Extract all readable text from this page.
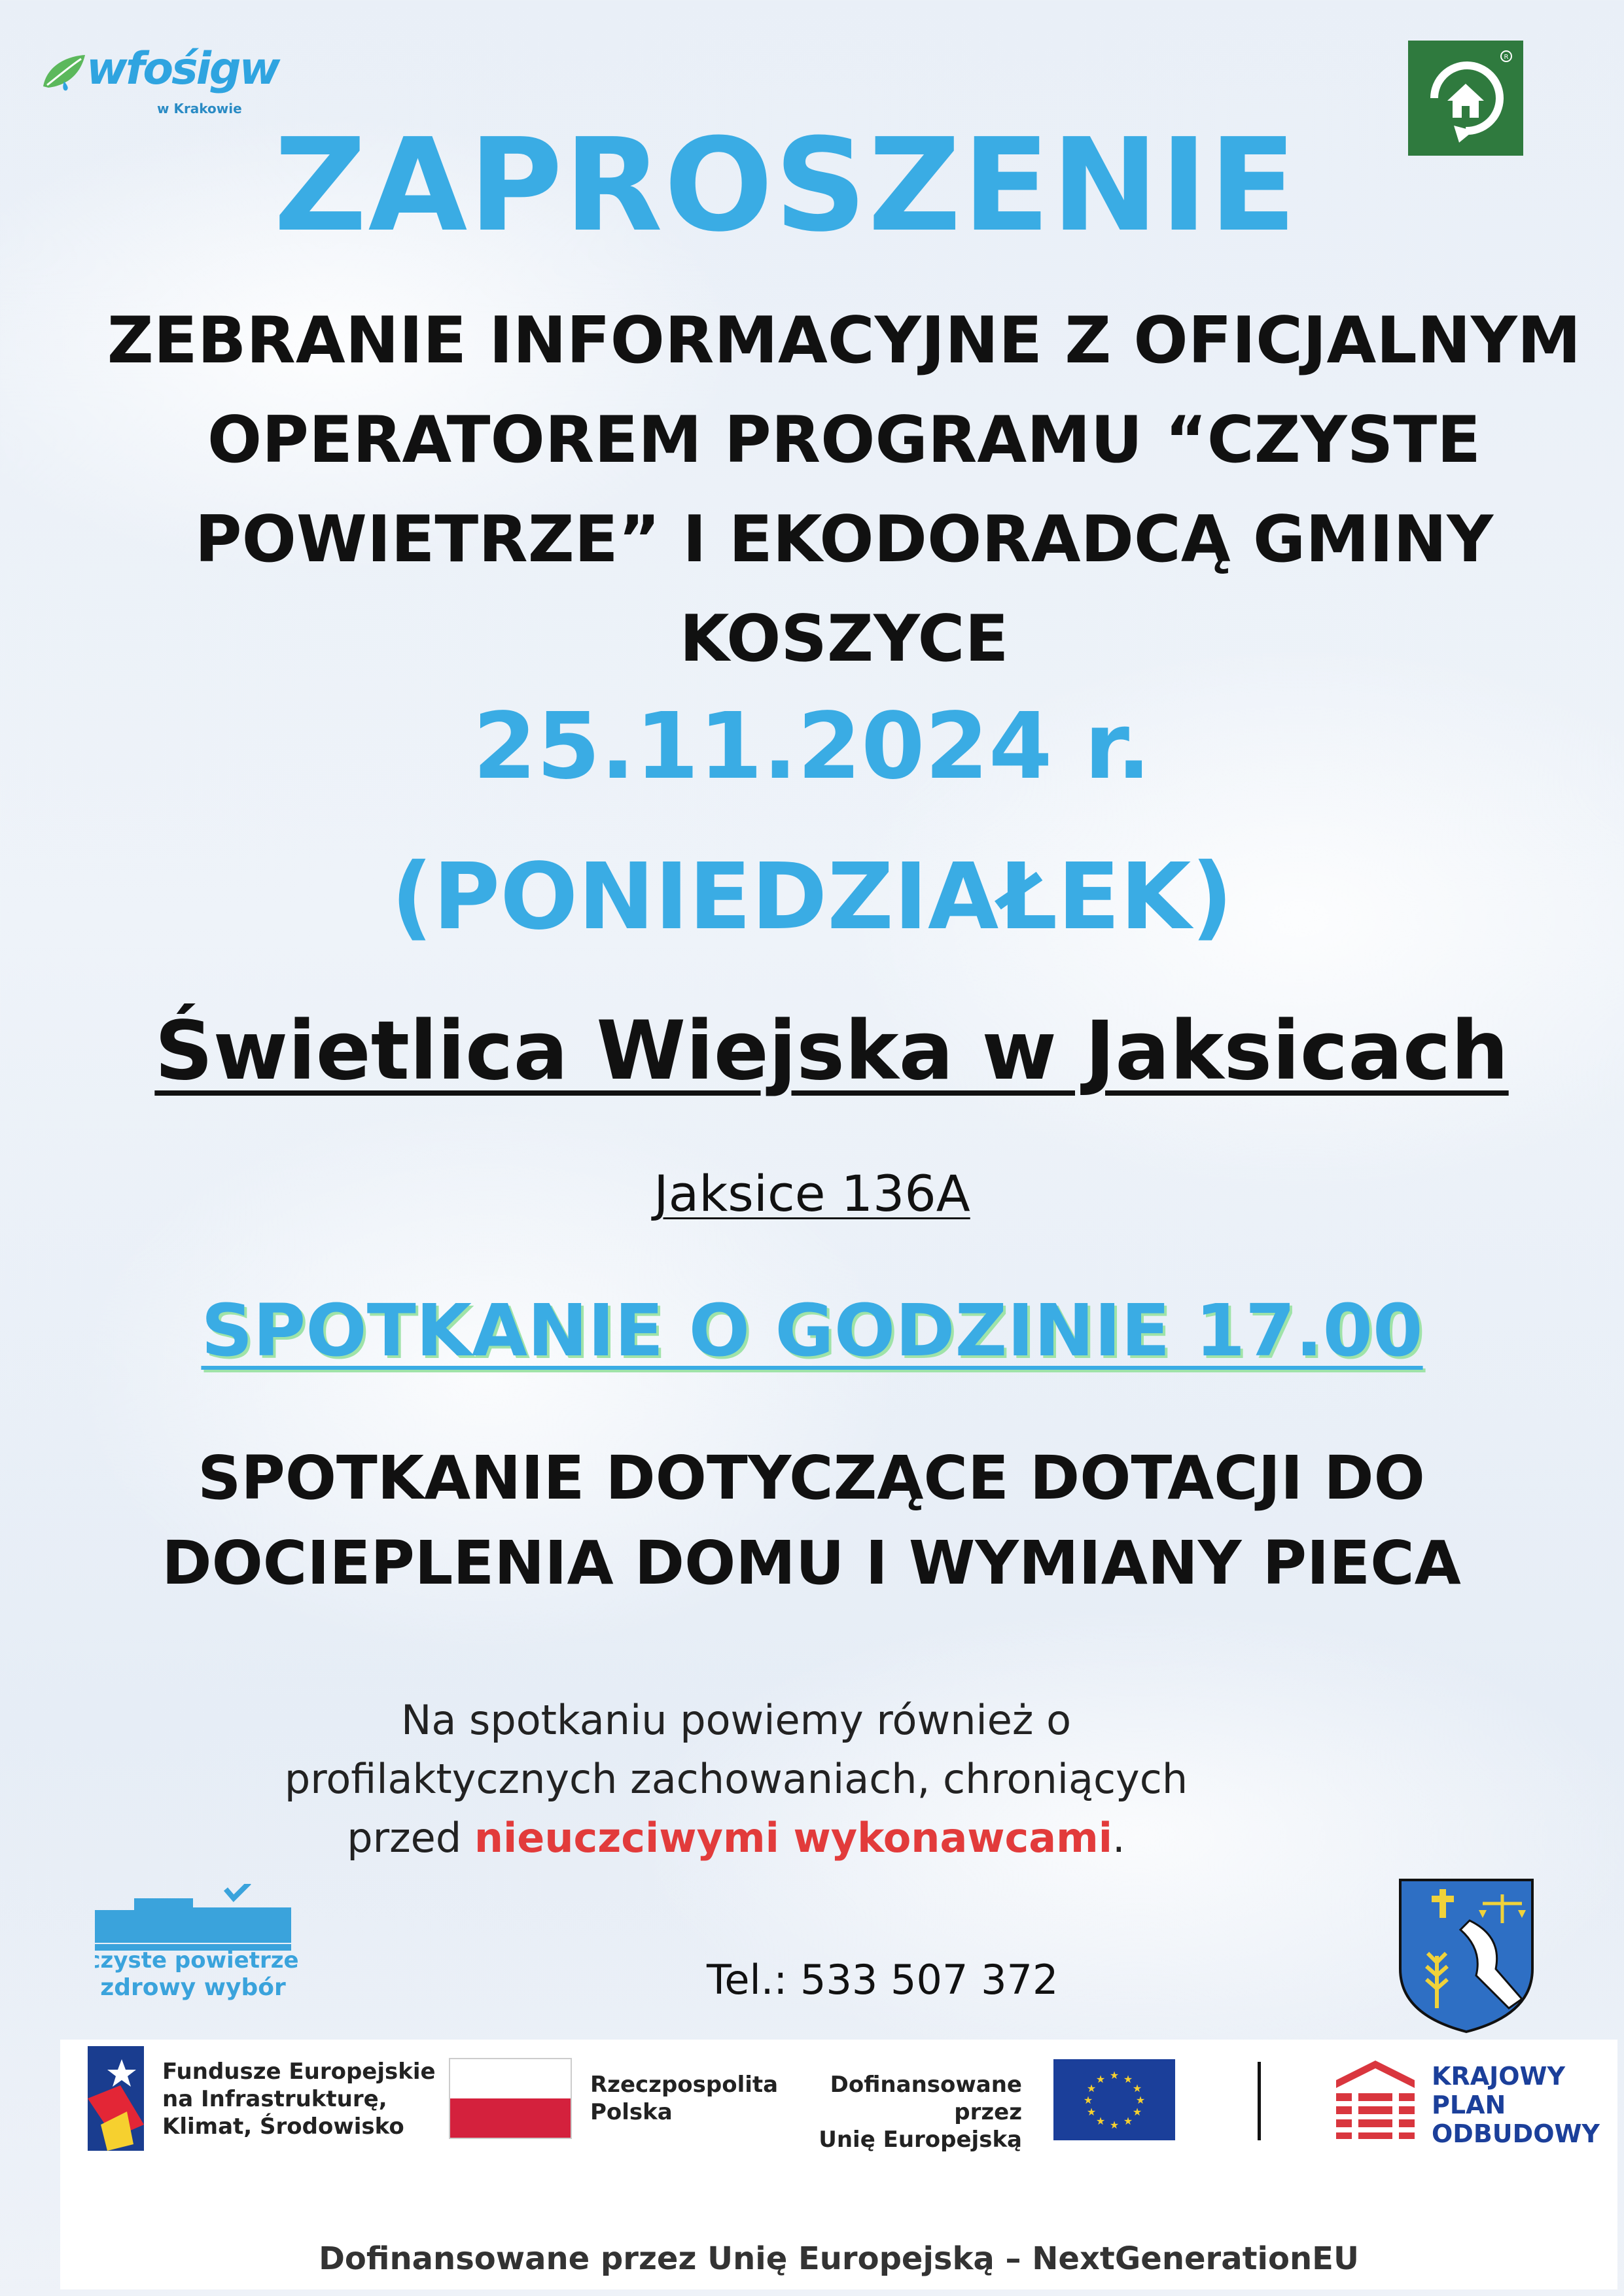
wfośigw
w Krakowie
R
ZAPROSZENIE
ZEBRANIE INFORMACYJNE Z OFICJALNYM OPERATOREM PROGRAMU “CZYSTE POWIETRZE” I EKODORADCĄ GMINY KOSZYCE
25.11.2024 r.
(PONIEDZIAŁEK)
Świetlica Wiejska w Jaksicach
Jaksice 136A
SPOTKANIE O GODZINIE 17.00
SPOTKANIE DOTYCZĄCE DOTACJI DO
DOCIEPLENIA DOMU I WYMIANY PIECA
Na spotkaniu powiemy również o
profilaktycznych zachowaniach, chroniących
przed nieuczciwymi wykonawcami.
czyste powietrze
zdrowy wybór	Tel.: 533 507 372
Fundusze Europejskie
na Infrastrukturę,
Klimat, Środowisko
Rzeczpospolita
Polska
Dofinansowane przez
Unię Europejską
★ ★
★
★
★
★
★
★
★
★
★
★	KRAJOWY
PLAN
ODBUDOWY
Dofinansowane przez Unię Europejską – NextGenerationEU
